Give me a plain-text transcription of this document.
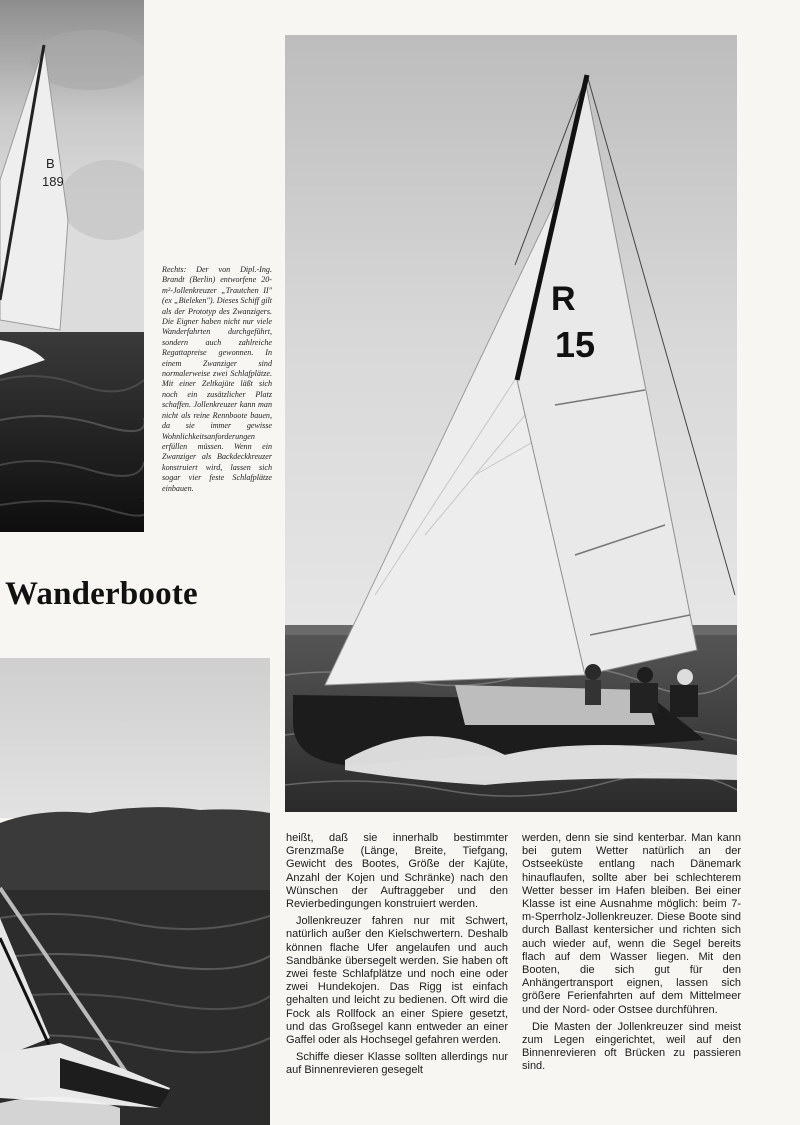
B
189

Rechts: Der von Dipl.-Ing. Brandt (Berlin) entworfene 20-m²-Jollenkreuzer „Trautchen II" (ex „Bieleken"). Dieses Schiff gilt als der Prototyp des Zwanzigers. Die Eigner haben nicht nur viele Wanderfahrten durchgeführt, sondern auch zahlreiche Regattapreise gewonnen. In einem Zwanziger sind normalerweise zwei Schlafplätze. Mit einer Zeltkajüte läßt sich noch ein zusätzlicher Platz schaffen. Jollenkreuzer kann man nicht als reine Rennboote bauen, da sie immer gewisse Wohnlichkeitsanforderungen erfüllen müssen. Wenn ein Zwanziger als Backdeckkreuzer konstruiert wird, lassen sich sogar vier feste Schlafplätze einbauen.

Wanderboote
R
15

heißt, daß sie innerhalb bestimmter Grenzmaße (Länge, Breite, Tiefgang, Gewicht des Bootes, Größe der Kajüte, Anzahl der Kojen und Schränke) nach den Wünschen der Auftraggeber und den Revierbedingungen konstruiert werden.

Jollenkreuzer fahren nur mit Schwert, natürlich außer den Kielschwertern. Deshalb können flache Ufer angelaufen und auch Sandbänke übersegelt werden. Sie haben oft zwei feste Schlafplätze und noch eine oder zwei Hundekojen. Das Rigg ist einfach gehalten und leicht zu bedienen. Oft wird die Fock als Rollfock an einer Spiere gesetzt, und das Großsegel kann entweder an einer Gaffel oder als Hochsegel gefahren werden.

Schiffe dieser Klasse sollten allerdings nur auf Binnenrevieren gesegelt

werden, denn sie sind kenterbar. Man kann bei gutem Wetter natürlich an der Ostseeküste entlang nach Dänemark hinauflaufen, sollte aber bei schlechterem Wetter besser im Hafen bleiben. Bei einer Klasse ist eine Ausnahme möglich: beim 7-m-Sperrholz-Jollenkreuzer. Diese Boote sind durch Ballast kentersicher und richten sich auch wieder auf, wenn die Segel bereits flach auf dem Wasser liegen. Mit den Booten, die sich gut für den Anhängertransport eignen, lassen sich größere Ferienfahrten auf dem Mittelmeer und der Nord- oder Ostsee durchführen.

Die Masten der Jollenkreuzer sind meist zum Legen eingerichtet, weil auf den Binnenrevieren oft Brücken zu passieren sind.
